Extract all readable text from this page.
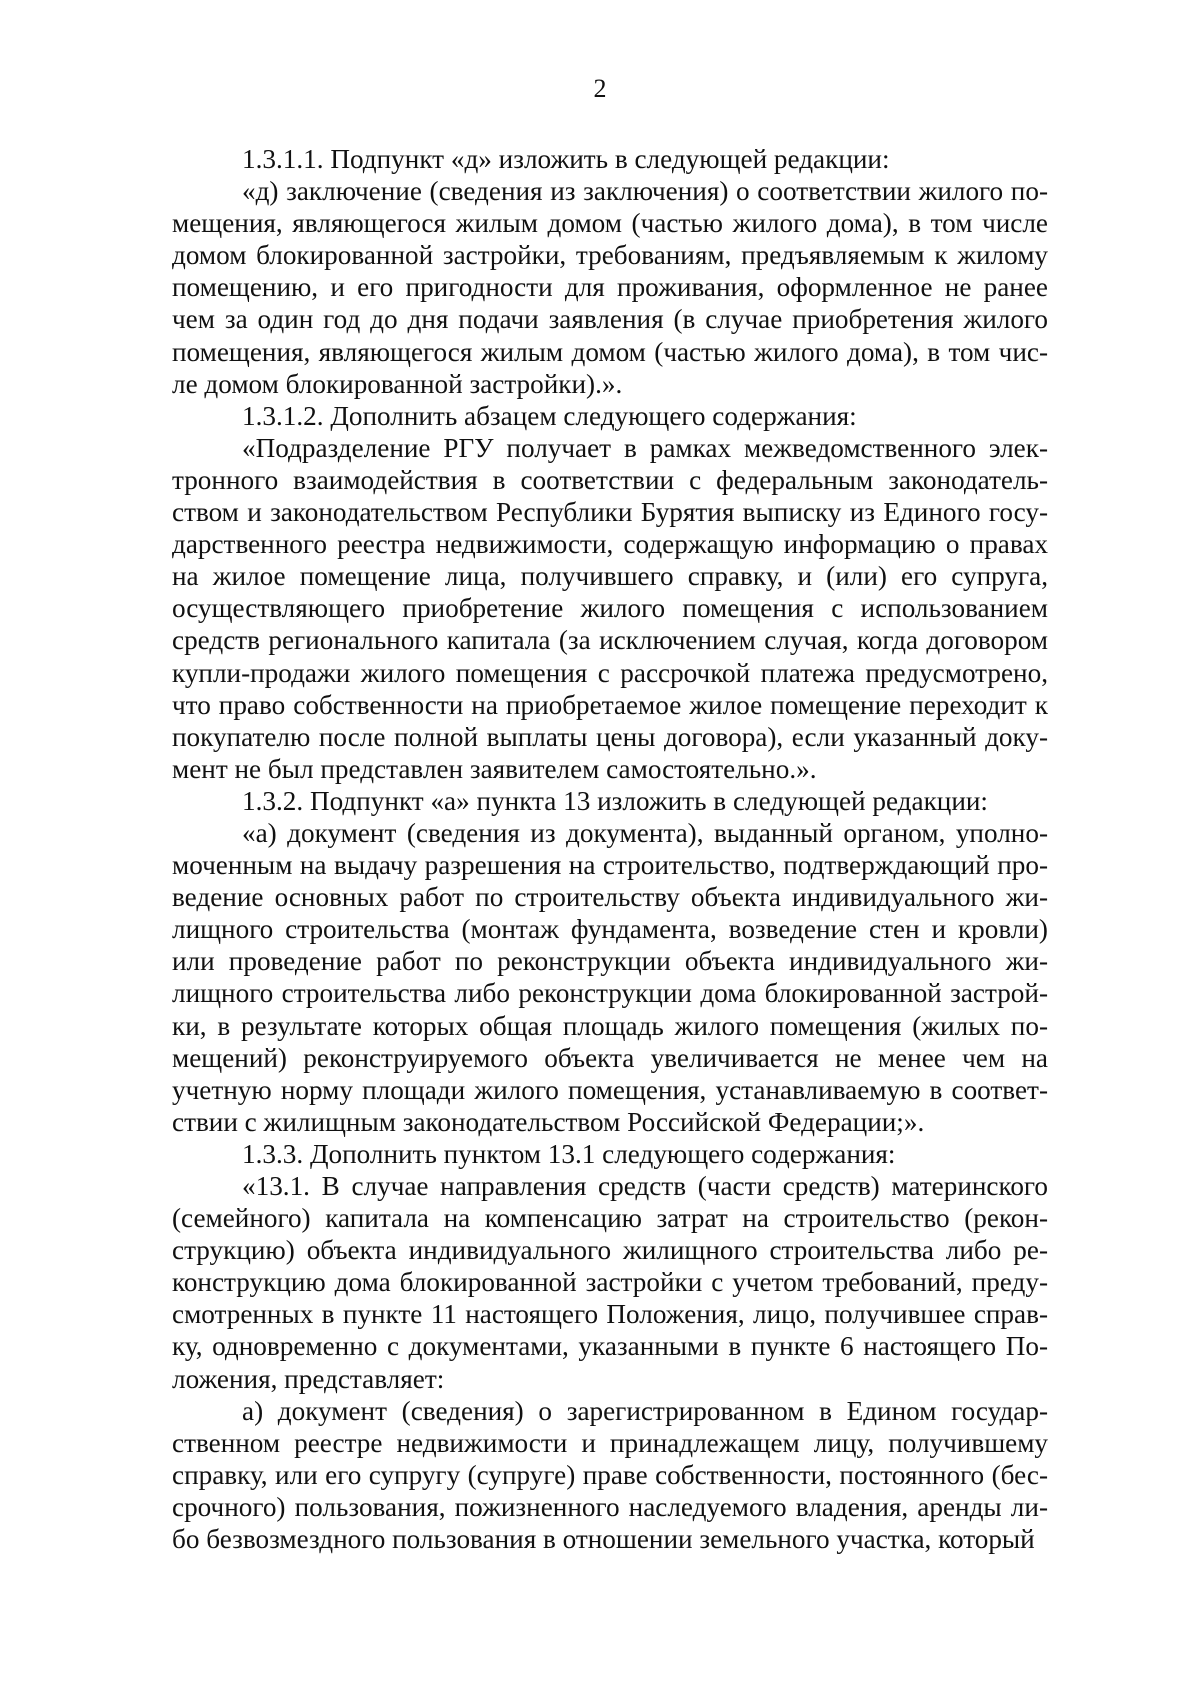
2

1.3.1.1. Подпункт «д» изложить в следующей редакции:

«д) заключение (сведения из заключения) о соответствии жилого помещения, являющегося жилым домом (частью жилого дома), в том числе домом блокированной застройки, требованиям, предъявляемым к жилому помещению, и его пригодности для проживания, оформленное не ранее чем за один год до дня подачи заявления (в случае приобретения жилого помещения, являющегося жилым домом (частью жилого дома), в том числе домом блокированной застройки).».

1.3.1.2. Дополнить абзацем следующего содержания:

«Подразделение РГУ получает в рамках межведомственного электронного взаимодействия в соответствии с федеральным законодательством и законодательством Республики Бурятия выписку из Единого государственного реестра недвижимости, содержащую информацию о правах на жилое помещение лица, получившего справку, и (или) его супруга, осуществляющего приобретение жилого помещения с использованием средств регионального капитала (за исключением случая, когда договором купли-продажи жилого помещения с рассрочкой платежа предусмотрено, что право собственности на приобретаемое жилое помещение переходит к покупателю после полной выплаты цены договора), если указанный документ не был представлен заявителем самостоятельно.».

1.3.2. Подпункт «а» пункта 13 изложить в следующей редакции:

«а) документ (сведения из документа), выданный органом, уполномоченным на выдачу разрешения на строительство, подтверждающий проведение основных работ по строительству объекта индивидуального жилищного строительства (монтаж фундамента, возведение стен и кровли) или проведение работ по реконструкции объекта индивидуального жилищного строительства либо реконструкции дома блокированной застройки, в результате которых общая площадь жилого помещения (жилых помещений) реконструируемого объекта увеличивается не менее чем на учетную норму площади жилого помещения, устанавливаемую в соответствии с жилищным законодательством Российской Федерации;».

1.3.3. Дополнить пунктом 13.1 следующего содержания:

«13.1. В случае направления средств (части средств) материнского (семейного) капитала на компенсацию затрат на строительство (реконструкцию) объекта индивидуального жилищного строительства либо реконструкцию дома блокированной застройки с учетом требований, предусмотренных в пункте 11 настоящего Положения, лицо, получившее справку, одновременно с документами, указанными в пункте 6 настоящего Положения, представляет:

а) документ (сведения) о зарегистрированном в Едином государственном реестре недвижимости и принадлежащем лицу, получившему справку, или его супругу (супруге) праве собственности, постоянного (бессрочного) пользования, пожизненного наследуемого владения, аренды либо безвозмездного пользования в отношении земельного участка, который
